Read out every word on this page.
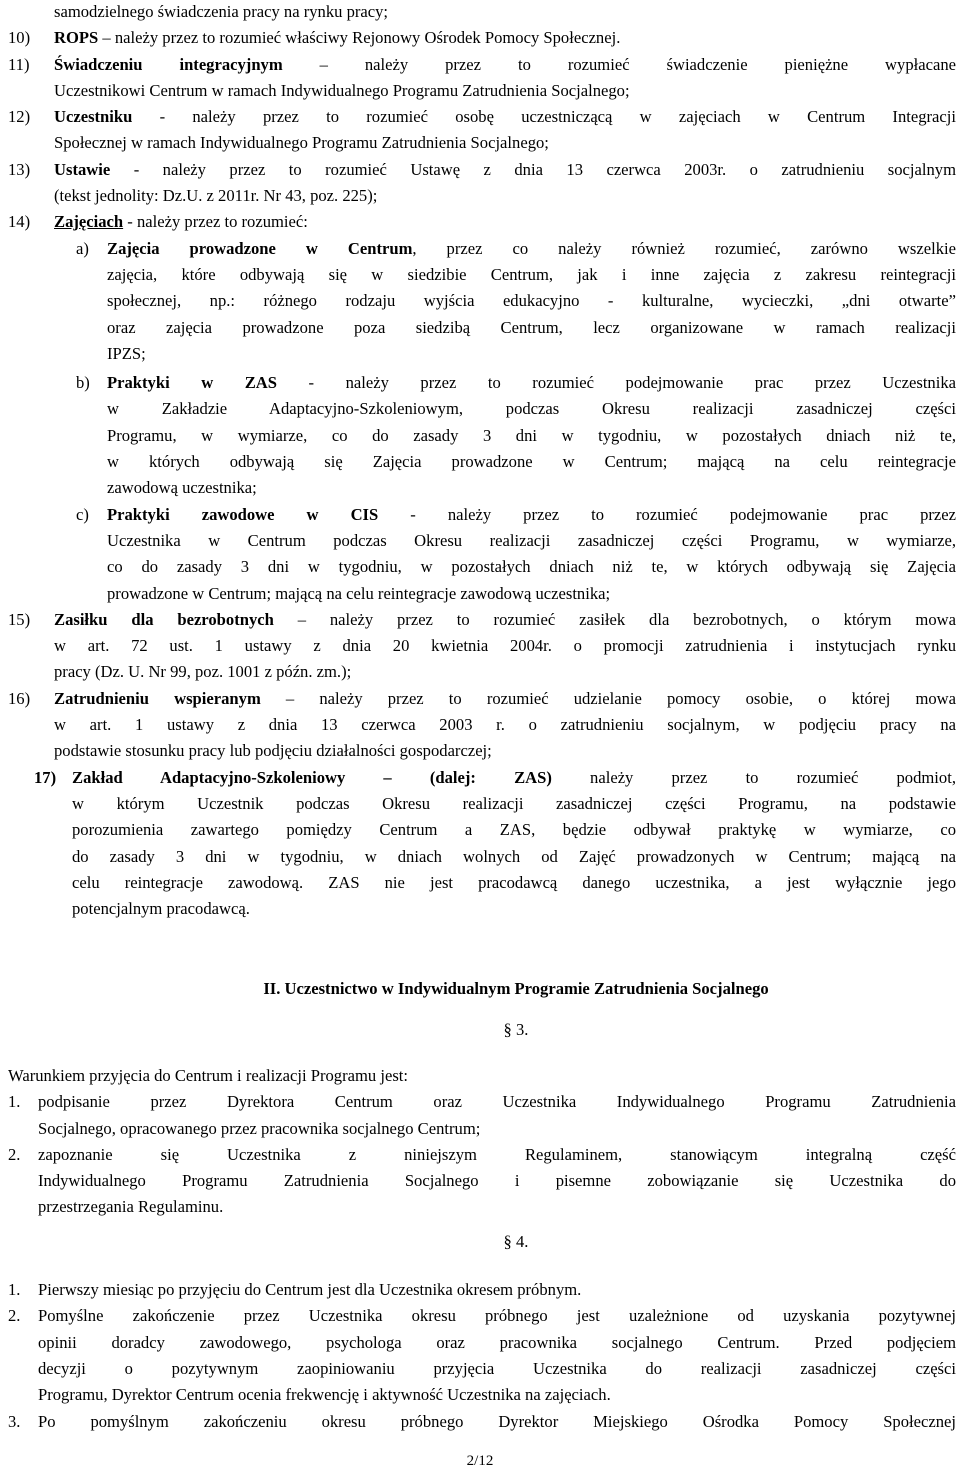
samodzielnego świadczenia pracy na rynku pracy;
10) ROPS – należy przez to rozumieć właściwy Rejonowy Ośrodek Pomocy Społecznej.
11) Świadczeniu integracyjnym – należy przez to rozumieć świadczenie pieniężne wypłacane
Uczestnikowi Centrum w ramach Indywidualnego Programu Zatrudnienia Socjalnego;
12) Uczestniku - należy przez to rozumieć osobę uczestniczącą w zajęciach w Centrum Integracji
Społecznej w ramach Indywidualnego Programu Zatrudnienia Socjalnego;
13) Ustawie - należy przez to rozumieć Ustawę z dnia 13 czerwca 2003r. o zatrudnieniu socjalnym
(tekst jednolity: Dz.U. z 2011r. Nr 43, poz. 225);
14) Zajęciach - należy przez to rozumieć:
a) Zajęcia prowadzone w Centrum, przez co należy również rozumieć, zarówno wszelkie
zajęcia, które odbywają się w siedzibie Centrum, jak i inne zajęcia z zakresu reintegracji
społecznej, np.: różnego rodzaju wyjścia edukacyjno - kulturalne, wycieczki, „dni otwarte”
oraz zajęcia prowadzone poza siedzibą Centrum, lecz organizowane w ramach realizacji
IPZS;
b) Praktyki w ZAS - należy przez to rozumieć podejmowanie prac przez Uczestnika
w Zakładzie Adaptacyjno-Szkoleniowym, podczas Okresu realizacji zasadniczej części
Programu, w wymiarze, co do zasady 3 dni w tygodniu, w pozostałych dniach niż te,
w których odbywają się Zajęcia prowadzone w Centrum; mającą na celu reintegracje
zawodową uczestnika;
c) Praktyki zawodowe w CIS - należy przez to rozumieć podejmowanie prac przez
Uczestnika w Centrum podczas Okresu realizacji zasadniczej części Programu, w wymiarze,
co do zasady 3 dni w tygodniu, w pozostałych dniach niż te, w których odbywają się Zajęcia
prowadzone w Centrum; mającą na celu reintegracje zawodową uczestnika;
15) Zasiłku dla bezrobotnych – należy przez to rozumieć zasiłek dla bezrobotnych, o którym mowa
w art. 72 ust. 1 ustawy z dnia 20 kwietnia 2004r. o promocji zatrudnienia i instytucjach rynku
pracy (Dz. U. Nr 99, poz. 1001 z późn. zm.);
16) Zatrudnieniu wspieranym – należy przez to rozumieć udzielanie pomocy osobie, o której mowa
w art. 1 ustawy z dnia 13 czerwca 2003 r. o zatrudnieniu socjalnym, w podjęciu pracy na
podstawie stosunku pracy lub podjęciu działalności gospodarczej;
17) Zakład Adaptacyjno-Szkoleniowy – (dalej: ZAS) należy przez to rozumieć podmiot,
w którym Uczestnik podczas Okresu realizacji zasadniczej części Programu, na podstawie
porozumienia zawartego pomiędzy Centrum a ZAS, będzie odbywał praktykę w wymiarze, co
do zasady 3 dni w tygodniu, w dniach wolnych od Zajęć prowadzonych w Centrum; mającą na
celu reintegracje zawodową. ZAS nie jest pracodawcą danego uczestnika, a jest wyłącznie jego
potencjalnym pracodawcą.
II. Uczestnictwo w Indywidualnym Programie Zatrudnienia Socjalnego
§ 3.
Warunkiem przyjęcia do Centrum i realizacji Programu jest:
1. podpisanie przez Dyrektora Centrum oraz Uczestnika Indywidualnego Programu Zatrudnienia
Socjalnego, opracowanego przez pracownika socjalnego Centrum;
2. zapoznanie się Uczestnika z niniejszym Regulaminem, stanowiącym integralną część
Indywidualnego Programu Zatrudnienia Socjalnego i pisemne zobowiązanie się Uczestnika do
przestrzegania Regulaminu.
§ 4.
1. Pierwszy miesiąc po przyjęciu do Centrum jest dla Uczestnika okresem próbnym.
2. Pomyślne zakończenie przez Uczestnika okresu próbnego jest uzależnione od uzyskania pozytywnej
opinii doradcy zawodowego, psychologa oraz pracownika socjalnego Centrum. Przed podjęciem
decyzji o pozytywnym zaopiniowaniu przyjęcia Uczestnika do realizacji zasadniczej części
Programu, Dyrektor Centrum ocenia frekwencję i aktywność Uczestnika na zajęciach.
3. Po pomyślnym zakończeniu okresu próbnego Dyrektor Miejskiego Ośrodka Pomocy Społecznej
2/12
